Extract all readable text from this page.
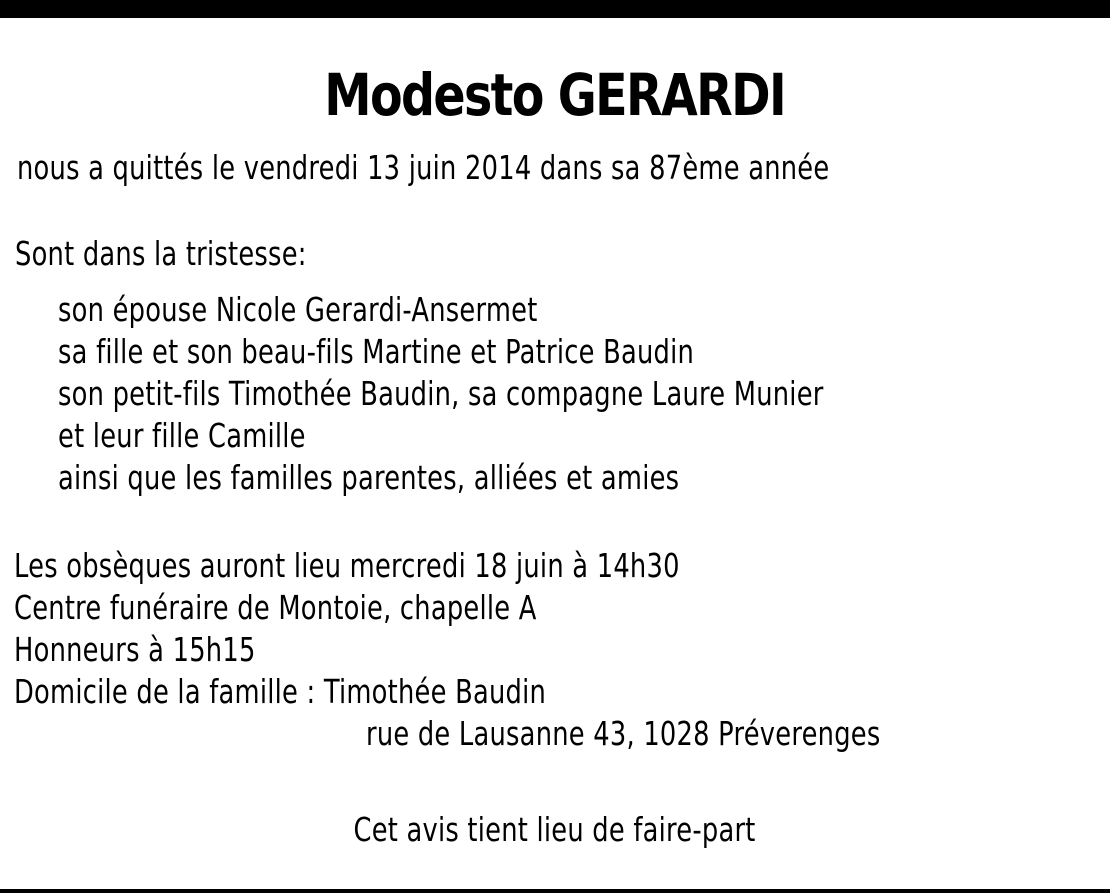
Modesto GERARDI
nous a quittés le vendredi 13 juin 2014 dans sa 87ème année
Sont dans la tristesse:
son épouse Nicole Gerardi-Ansermet
sa fille et son beau-fils Martine et Patrice Baudin
son petit-fils Timothée Baudin, sa compagne Laure Munier
et leur fille Camille
ainsi que les familles parentes, alliées et amies
Les obsèques auront lieu mercredi 18 juin à 14h30
Centre funéraire de Montoie, chapelle A
Honneurs à 15h15
Domicile de la famille : Timothée Baudin
rue de Lausanne 43, 1028 Préverenges
Cet avis tient lieu de faire-part
